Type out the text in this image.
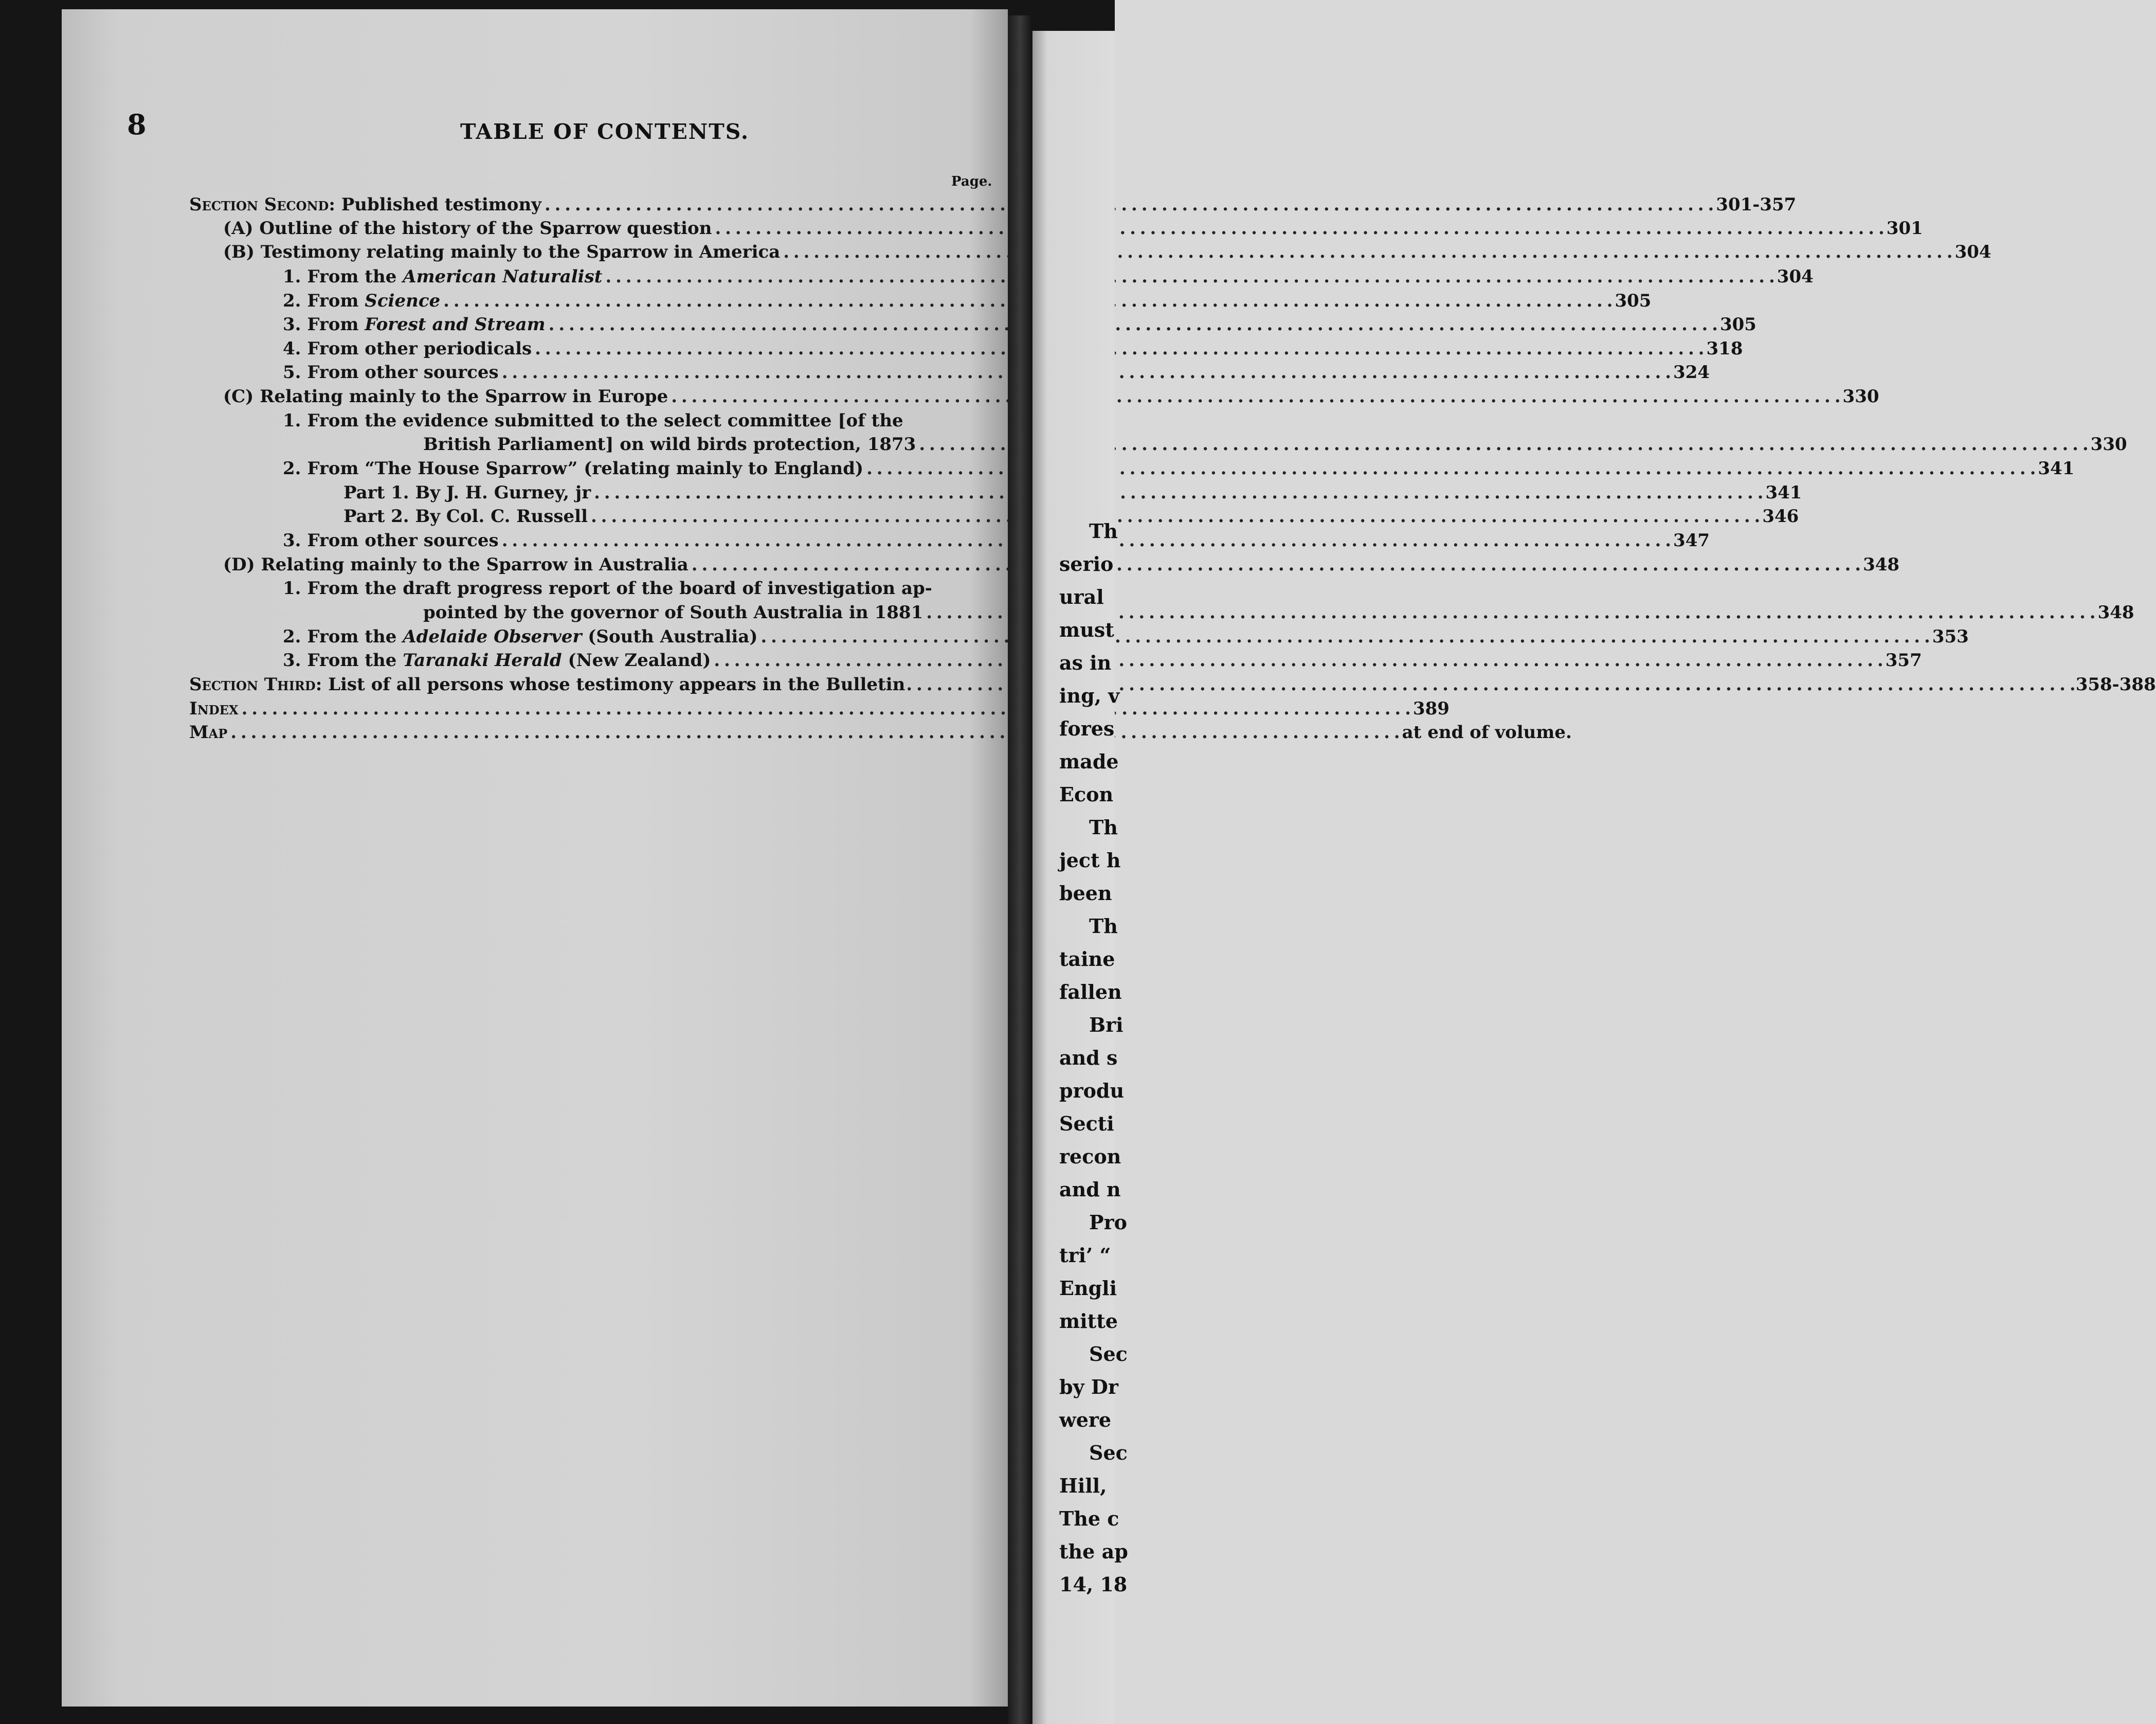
8	TABLE OF CONTENTS.
Page.
Section Second: Published testimony . . .	301-357
(A) Outline of the history of the Sparrow question . . .	301
(B) Testimony relating mainly to the Sparrow in America . . .	304
1. From the American Naturalist . . .	304
2. From Science . . .	305
3. From Forest and Stream . . .	305
4. From other periodicals . . .	318
5. From other sources . . .	324
(C) Relating mainly to the Sparrow in Europe . . .	330
1. From the evidence submitted to the select committee [of the
British Parliament] on wild birds protection, 1873 . . .	330
2. From “The House Sparrow” (relating mainly to England) . . .	341
Part 1. By J. H. Gurney, jr . . .	341
Part 2. By Col. C. Russell . . .	346
3. From other sources . . .	347
(D) Relating mainly to the Sparrow in Australia . . .	348
1. From the draft progress report of the board of investigation ap-
pointed by the governor of South Australia in 1881 . . .	348
2. From the Adelaide Observer (South Australia) . . .	353
3. From the Taranaki Herald (New Zealand) . . .	357
Section Third: List of all persons whose testimony appears in the Bulletin . . .	358-388
Index . . .	389
Map . . .	at end of volume.
Th
serio
ural
must
as in
ing, v
fores
made
Econ
Th
ject h
been
Th
taine
fallen
Bri
and s
produ
Secti
recon
and n
Pro
tri’ “
Engli
mitte
Sec
by Dr
were
Sec
Hill,
The c
the ap
14, 18
